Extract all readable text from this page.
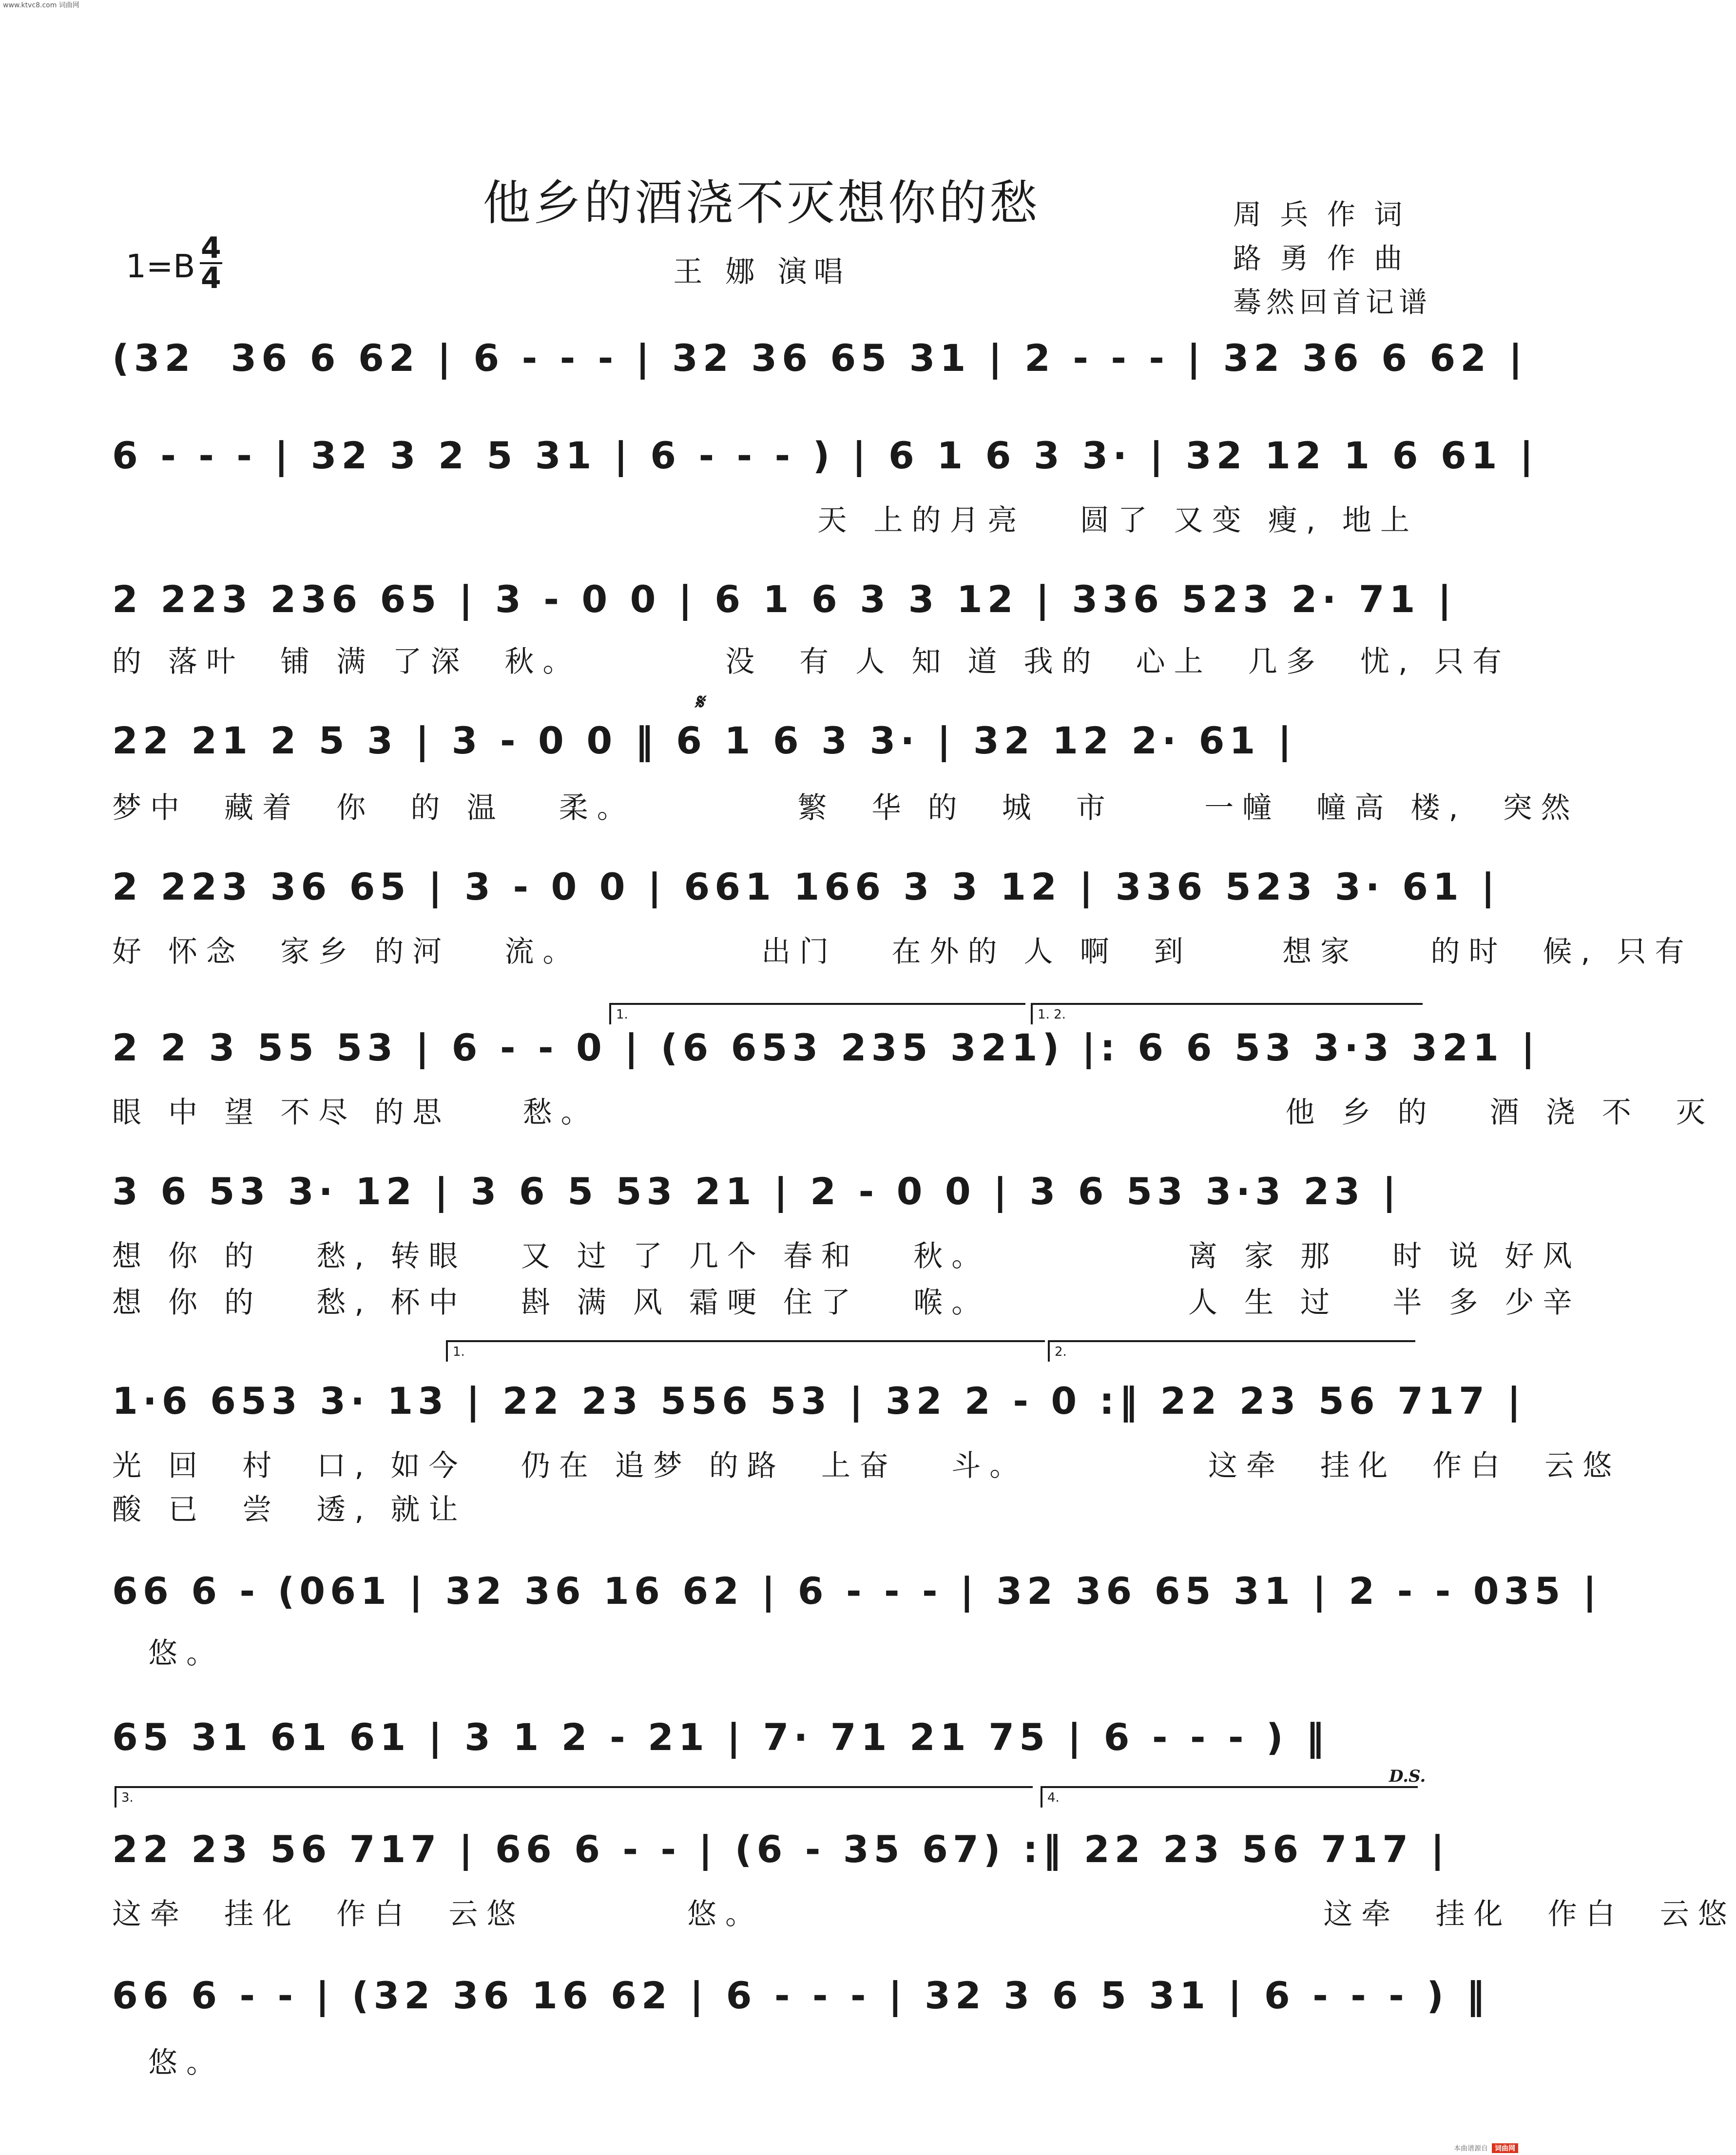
www.ktvc8.com 词曲网
他乡的酒浇不灭想你的愁	周 兵 作 词
路 勇 作 曲
蓦然回首记谱
1=B 4
4	王 娜 演唱
(32  36 6 62 | 6 - - - | 32 36 65 31 | 2 - - - | 32 36 6 62 |
6 - - - | 32 3 2 5 31 | 6 - - - ) | 6 1 6 3 3· | 32 12 1 6 61 |
天 上的月亮   圆了 又变 瘦, 地上
2 223 236 65 | 3 - 0 0 | 6 1 6 3 3 12 | 336 523 2· 71 |
的 落叶  铺 满 了深  秋。        没  有 人 知 道 我的  心上  几多  忧, 只有
𝄋
22 21 2 5 3 | 3 - 0 0 ‖ 6 1 6 3 3· | 32 12 2· 61 |
梦中  藏着  你  的 温   柔。         繁  华 的  城  市     一幢  幢高 楼,  突然
2 223 36 65 | 3 - 0 0 | 661 166 3 3 12 | 336 523 3· 61 |
好 怀念  家乡 的河   流。          出门   在外的 人 啊  到     想家    的时  候, 只有
1.	1. 2.
2 2 3 55 53 | 6 - - 0 | (6 653 235 321) |: 6 6 53 3·3 321 |
眼 中 望 不尽 的思    愁。                                      他 乡 的   酒 浇 不  灭
3 6 53 3· 12 | 3 6 5 53 21 | 2 - 0 0 | 3 6 53 3·3 23 |
想 你 的   愁, 转眼   又 过 了 几个 春和   秋。           离 家 那   时 说 好风
想 你 的   愁, 杯中   斟 满 风 霜哽 住了   喉。           人 生 过   半 多 少辛
1.	2.
1·6 653 3· 13 | 22 23 556 53 | 32 2 - 0 :‖ 22 23 56 717 |
光 回  村  口, 如今   仍在 追梦 的路  上奋   斗。          这牵  挂化  作白  云悠
酸 已  尝  透, 就让
66 6 - (061 | 32 36 16 62 | 6 - - - | 32 36 65 31 | 2 - - 035 |
悠。
65 31 61 61 | 3 1 2 - 21 | 7· 71 21 75 | 6 - - - ) ‖
D.S.
3.	4.
22 23 56 717 | 66 6 - - | (6 - 35 67) :‖ 22 23 56 717 |
这牵  挂化  作白  云悠         悠。                               这牵  挂化  作白  云悠
66 6 - - | (32 36 16 62 | 6 - - - | 32 3 6 5 31 | 6 - - - ) ‖
悠。
本曲谱源自 词曲网
